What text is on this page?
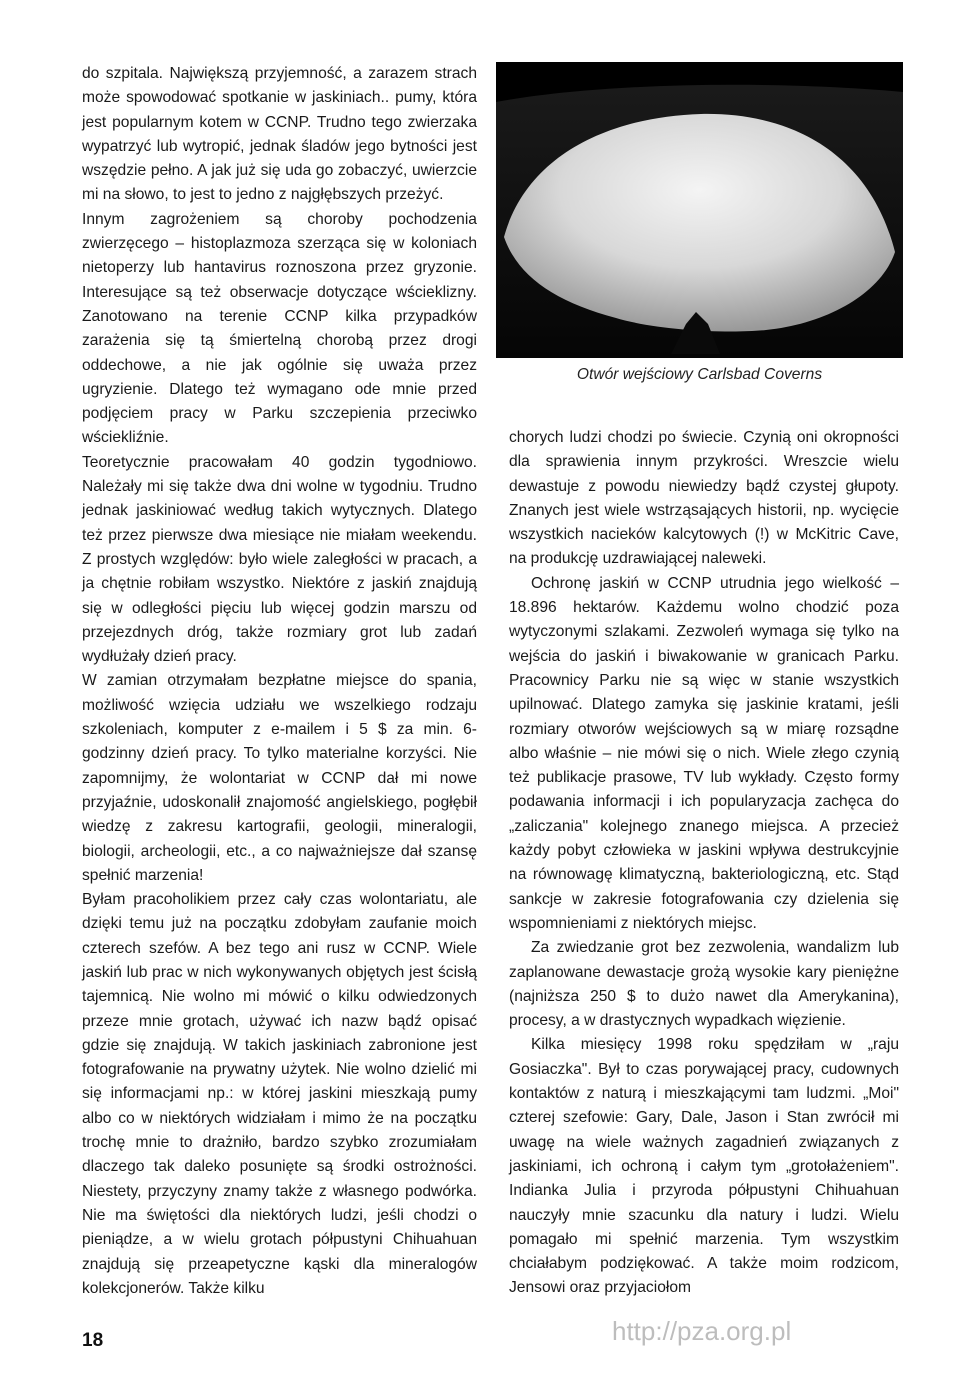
do szpitala. Największą przyjemność, a zarazem strach może spowodować spotkanie w jaskiniach.. pumy, która jest popularnym kotem w CCNP. Trudno tego zwierzaka wypatrzyć lub wytropić, jednak śladów jego bytności jest wszędzie pełno. A jak już się uda go zobaczyć, uwierzcie mi na słowo, to jest to jedno z najgłębszych przeżyć.

Innym zagrożeniem są choroby pochodzenia zwierzęcego – histoplazmoza szerząca się w koloniach nietoperzy lub hantavirus roznoszona przez gryzonie. Interesujące są też obserwacje dotyczące wścieklizny. Zanotowano na terenie CCNP kilka przypadków zarażenia się tą śmiertelną chorobą przez drogi oddechowe, a nie jak ogólnie się uważa przez ugryzienie. Dlatego też wymagano ode mnie przed podjęciem pracy w Parku szczepienia przeciwko wściekliźnie.

Teoretycznie pracowałam 40 godzin tygodniowo. Należały mi się także dwa dni wolne w tygodniu. Trudno jednak jaskiniować według takich wytycznych. Dlatego też przez pierwsze dwa miesiące nie miałam weekendu. Z prostych względów: było wiele zaległości w pracach, a ja chętnie robiłam wszystko. Niektóre z jaskiń znajdują się w odległości pięciu lub więcej godzin marszu od przejezdnych dróg, także rozmiary grot lub zadań wydłużały dzień pracy.

W zamian otrzymałam bezpłatne miejsce do spania, możliwość wzięcia udziału we wszelkiego rodzaju szkoleniach, komputer z e-mailem i 5 $ za min. 6-godzinny dzień pracy. To tylko materialne korzyści. Nie zapomnijmy, że wolontariat w CCNP dał mi nowe przyjaźnie, udoskonalił znajomość angielskiego, pogłębił wiedzę z zakresu kartografii, geologii, mineralogii, biologii, archeologii, etc., a co najważniejsze dał szansę spełnić marzenia!

Byłam pracoholikiem przez cały czas wolontariatu, ale dzięki temu już na początku zdobyłam zaufanie moich czterech szefów. A bez tego ani rusz w CCNP. Wiele jaskiń lub prac w nich wykonywanych objętych jest ścisłą tajemnicą. Nie wolno mi mówić o kilku odwiedzonych przeze mnie grotach, używać ich nazw bądź opisać gdzie się znajdują. W takich jaskiniach zabronione jest fotografowanie na prywatny użytek. Nie wolno dzielić mi się informacjami np.: w której jaskini mieszkają pumy albo co w niektórych widziałam i mimo że na początku trochę mnie to drażniło, bardzo szybko zrozumiałam dlaczego tak daleko posunięte są środki ostrożności. Niestety, przyczyny znamy także z własnego podwórka. Nie ma świętości dla niektórych ludzi, jeśli chodzi o pieniądze, a w wielu grotach półpustyni Chihuahuan znajdują się przeapetyczne kąski dla mineralogów kolekcjonerów. Także kilku

Otwór wejściowy Carlsbad Coverns

chorych ludzi chodzi po świecie. Czynią oni okropności dla sprawienia innym przykrości. Wreszcie wielu dewastuje z powodu niewiedzy bądź czystej głupoty. Znanych jest wiele wstrząsających historii, np. wycięcie wszystkich nacieków kalcytowych (!) w McKitric Cave, na produkcję uzdrawiającej naleweki.

Ochronę jaskiń w CCNP utrudnia jego wielkość – 18.896 hektarów. Każdemu wolno chodzić poza wytyczonymi szlakami. Zezwoleń wymaga się tylko na wejścia do jaskiń i biwakowanie w granicach Parku. Pracownicy Parku nie są więc w stanie wszystkich upilnować. Dlatego zamyka się jaskinie kratami, jeśli rozmiary otworów wejściowych są w miarę rozsądne albo właśnie – nie mówi się o nich. Wiele złego czynią też publikacje prasowe, TV lub wykłady. Często formy podawania informacji i ich popularyzacja zachęca do „zaliczania" kolejnego znanego miejsca. A przecież każdy pobyt człowieka w jaskini wpływa destrukcyjnie na równowagę klimatyczną, bakteriologiczną, etc. Stąd sankcje w zakresie fotografowania czy dzielenia się wspomnieniami z niektórych miejsc.

Za zwiedzanie grot bez zezwolenia, wandalizm lub zaplanowane dewastacje grożą wysokie kary pieniężne (najniższa 250 $ to dużo nawet dla Amerykanina), procesy, a w drastycznych wypadkach więzienie.

Kilka miesięcy 1998 roku spędziłam w „raju Gosiaczka". Był to czas porywającej pracy, cudownych kontaktów z naturą i mieszkającymi tam ludzmi. „Moi" czterej szefowie: Gary, Dale, Jason i Stan zwrócił mi uwagę na wiele ważnych zagadnień związanych z jaskiniami, ich ochroną i całym tym „grotołażeniem". Indianka Julia i przyroda półpustyni Chihuahuan nauczyły mnie szacunku dla natury i ludzi. Wielu pomagało mi spełnić marzenia. Tym wszystkim chciałabym podziękować. A także moim rodzicom, Jensowi oraz przyjaciołom

18	http://pza.org.pl
